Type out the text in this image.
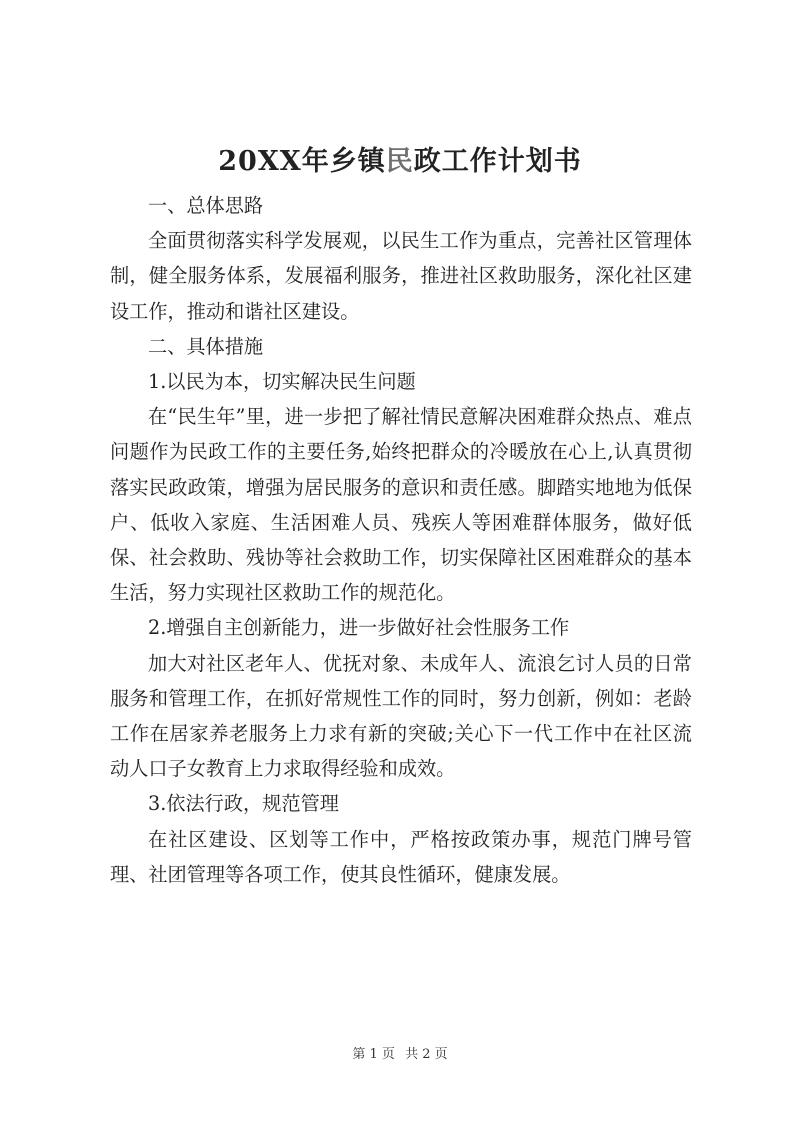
20XX年乡镇民政工作计划书

一、总体思路

全面贯彻落实科学发展观，以民生工作为重点，完善社区管理体制，健全服务体系，发展福利服务，推进社区救助服务，深化社区建设工作，推动和谐社区建设。

二、具体措施

1.以民为本，切实解决民生问题

在“民生年”里，进一步把了解社情民意解决困难群众热点、难点问题作为民政工作的主要任务,始终把群众的冷暖放在心上,认真贯彻落实民政政策，增强为居民服务的意识和责任感。脚踏实地地为低保户、低收入家庭、生活困难人员、残疾人等困难群体服务，做好低保、社会救助、残协等社会救助工作，切实保障社区困难群众的基本生活，努力实现社区救助工作的规范化。

2.增强自主创新能力，进一步做好社会性服务工作

加大对社区老年人、优抚对象、未成年人、流浪乞讨人员的日常服务和管理工作，在抓好常规性工作的同时，努力创新，例如：老龄工作在居家养老服务上力求有新的突破;关心下一代工作中在社区流动人口子女教育上力求取得经验和成效。

3.依法行政，规范管理

在社区建设、区划等工作中，严格按政策办事，规范门牌号管理、社团管理等各项工作，使其良性循环，健康发展。

第 1 页 共 2 页
